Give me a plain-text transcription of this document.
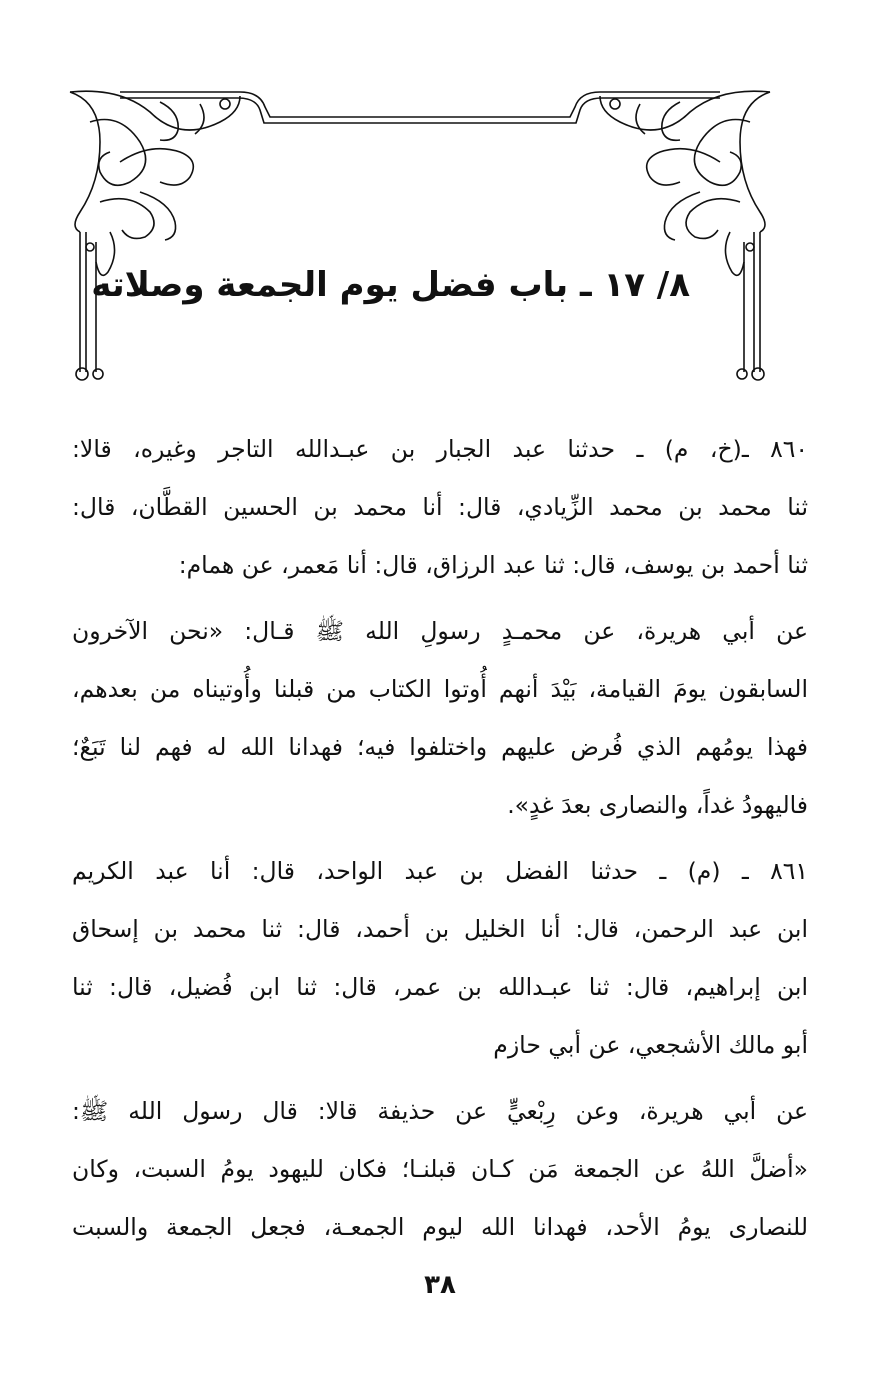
٨/ ١٧ ـ باب فضل يوم الجمعة وصلاته
٨٦٠ ـ(خ، م) ـ حدثنا عبد الجبار بن عبـدالله التاجر وغيره، قالا:
ثنا محمد بن محمد الزِّيادي، قال: أنا محمد بن الحسين القطَّان، قال:
ثنا أحمد بن يوسف، قال: ثنا عبد الرزاق، قال: أنا مَعمر، عن همام:
عن أبي هريرة، عن محمـدٍ رسولِ الله ﷺ قـال: «نحن الآخرون
السابقون يومَ القيامة، بَيْدَ أنهم أُوتوا الكتاب من قبلنا وأُوتيناه من بعدهم،
فهذا يومُهم الذي فُرض عليهم واختلفوا فيه؛ فهدانا الله له فهم لنا تَبَعٌ؛
فاليهودُ غداً، والنصارى بعدَ غدٍ».
٨٦١ ـ (م) ـ حدثنا الفضل بن عبد الواحد، قال: أنا عبد الكريم
ابن عبد الرحمن، قال: أنا الخليل بن أحمد، قال: ثنا محمد بن إسحاق
ابن إبراهيم، قال: ثنا عبـدالله بن عمر، قال: ثنا ابن فُضيل، قال: ثنا
أبو مالك الأشجعي، عن أبي حازم
عن أبي هريرة، وعن رِبْعيٍّ عن حذيفة قالا: قال رسول الله ﷺ:
«أضلَّ اللهُ عن الجمعة مَن كـان قبلنـا؛ فكان لليهود يومُ السبت، وكان
للنصارى يومُ الأحد، فهدانا الله ليوم الجمعـة، فجعل الجمعة والسبت
٣٨
